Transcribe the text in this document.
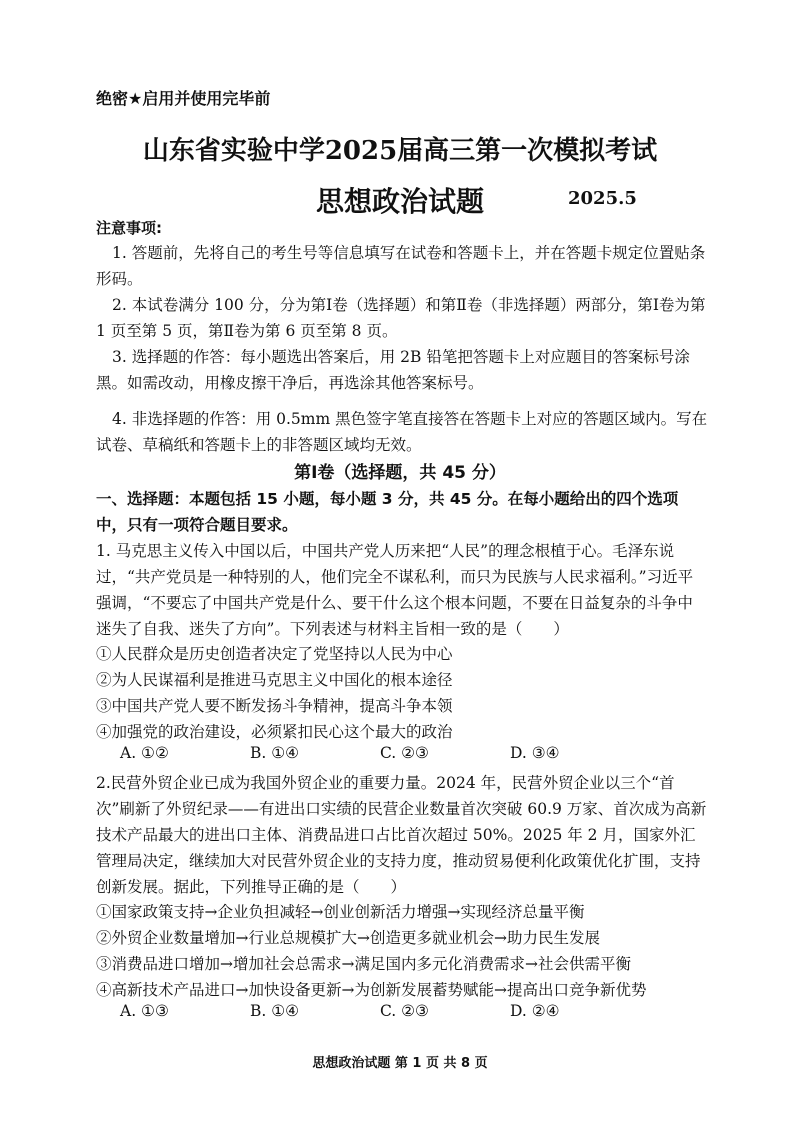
绝密★启用并使用完毕前
山东省实验中学2025届高三第一次模拟考试
思想政治试题	2025.5
注意事项:
1. 答题前，先将自己的考生号等信息填写在试卷和答题卡上，并在答题卡规定位置贴条形码。
2. 本试卷满分 100 分，分为第Ⅰ卷（选择题）和第Ⅱ卷（非选择题）两部分，第Ⅰ卷为第 1 页至第 5 页，第Ⅱ卷为第 6 页至第 8 页。
3. 选择题的作答：每小题选出答案后，用 2B 铅笔把答题卡上对应题目的答案标号涂黑。如需改动，用橡皮擦干净后，再选涂其他答案标号。
4. 非选择题的作答：用 0.5mm 黑色签字笔直接答在答题卡上对应的答题区域内。写在试卷、草稿纸和答题卡上的非答题区域均无效。
第Ⅰ卷（选择题，共 45 分）
一、选择题：本题包括 15 小题，每小题 3 分，共 45 分。在每小题给出的四个选项中，只有一项符合题目要求。
1. 马克思主义传入中国以后，中国共产党人历来把“人民”的理念根植于心。毛泽东说过，“共产党员是一种特别的人，他们完全不谋私利，而只为民族与人民求福利。”习近平强调，“不要忘了中国共产党是什么、要干什么这个根本问题，不要在日益复杂的斗争中迷失了自我、迷失了方向”。下列表述与材料主旨相一致的是（　　）
①人民群众是历史创造者决定了党坚持以人民为中心
②为人民谋福利是推进马克思主义中国化的根本途径
③中国共产党人要不断发扬斗争精神，提高斗争本领
④加强党的政治建设，必须紧扣民心这个最大的政治
A. ①②	B. ①④	C. ②③	D. ③④
2.民营外贸企业已成为我国外贸企业的重要力量。2024 年，民营外贸企业以三个“首次”刷新了外贸纪录——有进出口实绩的民营企业数量首次突破 60.9 万家、首次成为高新技术产品最大的进出口主体、消费品进口占比首次超过 50%。2025 年 2 月，国家外汇管理局决定，继续加大对民营外贸企业的支持力度，推动贸易便利化政策优化扩围，支持创新发展。据此，下列推导正确的是（　　）
①国家政策支持→企业负担减轻→创业创新活力增强→实现经济总量平衡
②外贸企业数量增加→行业总规模扩大→创造更多就业机会→助力民生发展
③消费品进口增加→增加社会总需求→满足国内多元化消费需求→社会供需平衡
④高新技术产品进口→加快设备更新→为创新发展蓄势赋能→提高出口竞争新优势
A. ①③	B. ①④	C. ②③	D. ②④
思想政治试题 第 1 页 共 8 页
